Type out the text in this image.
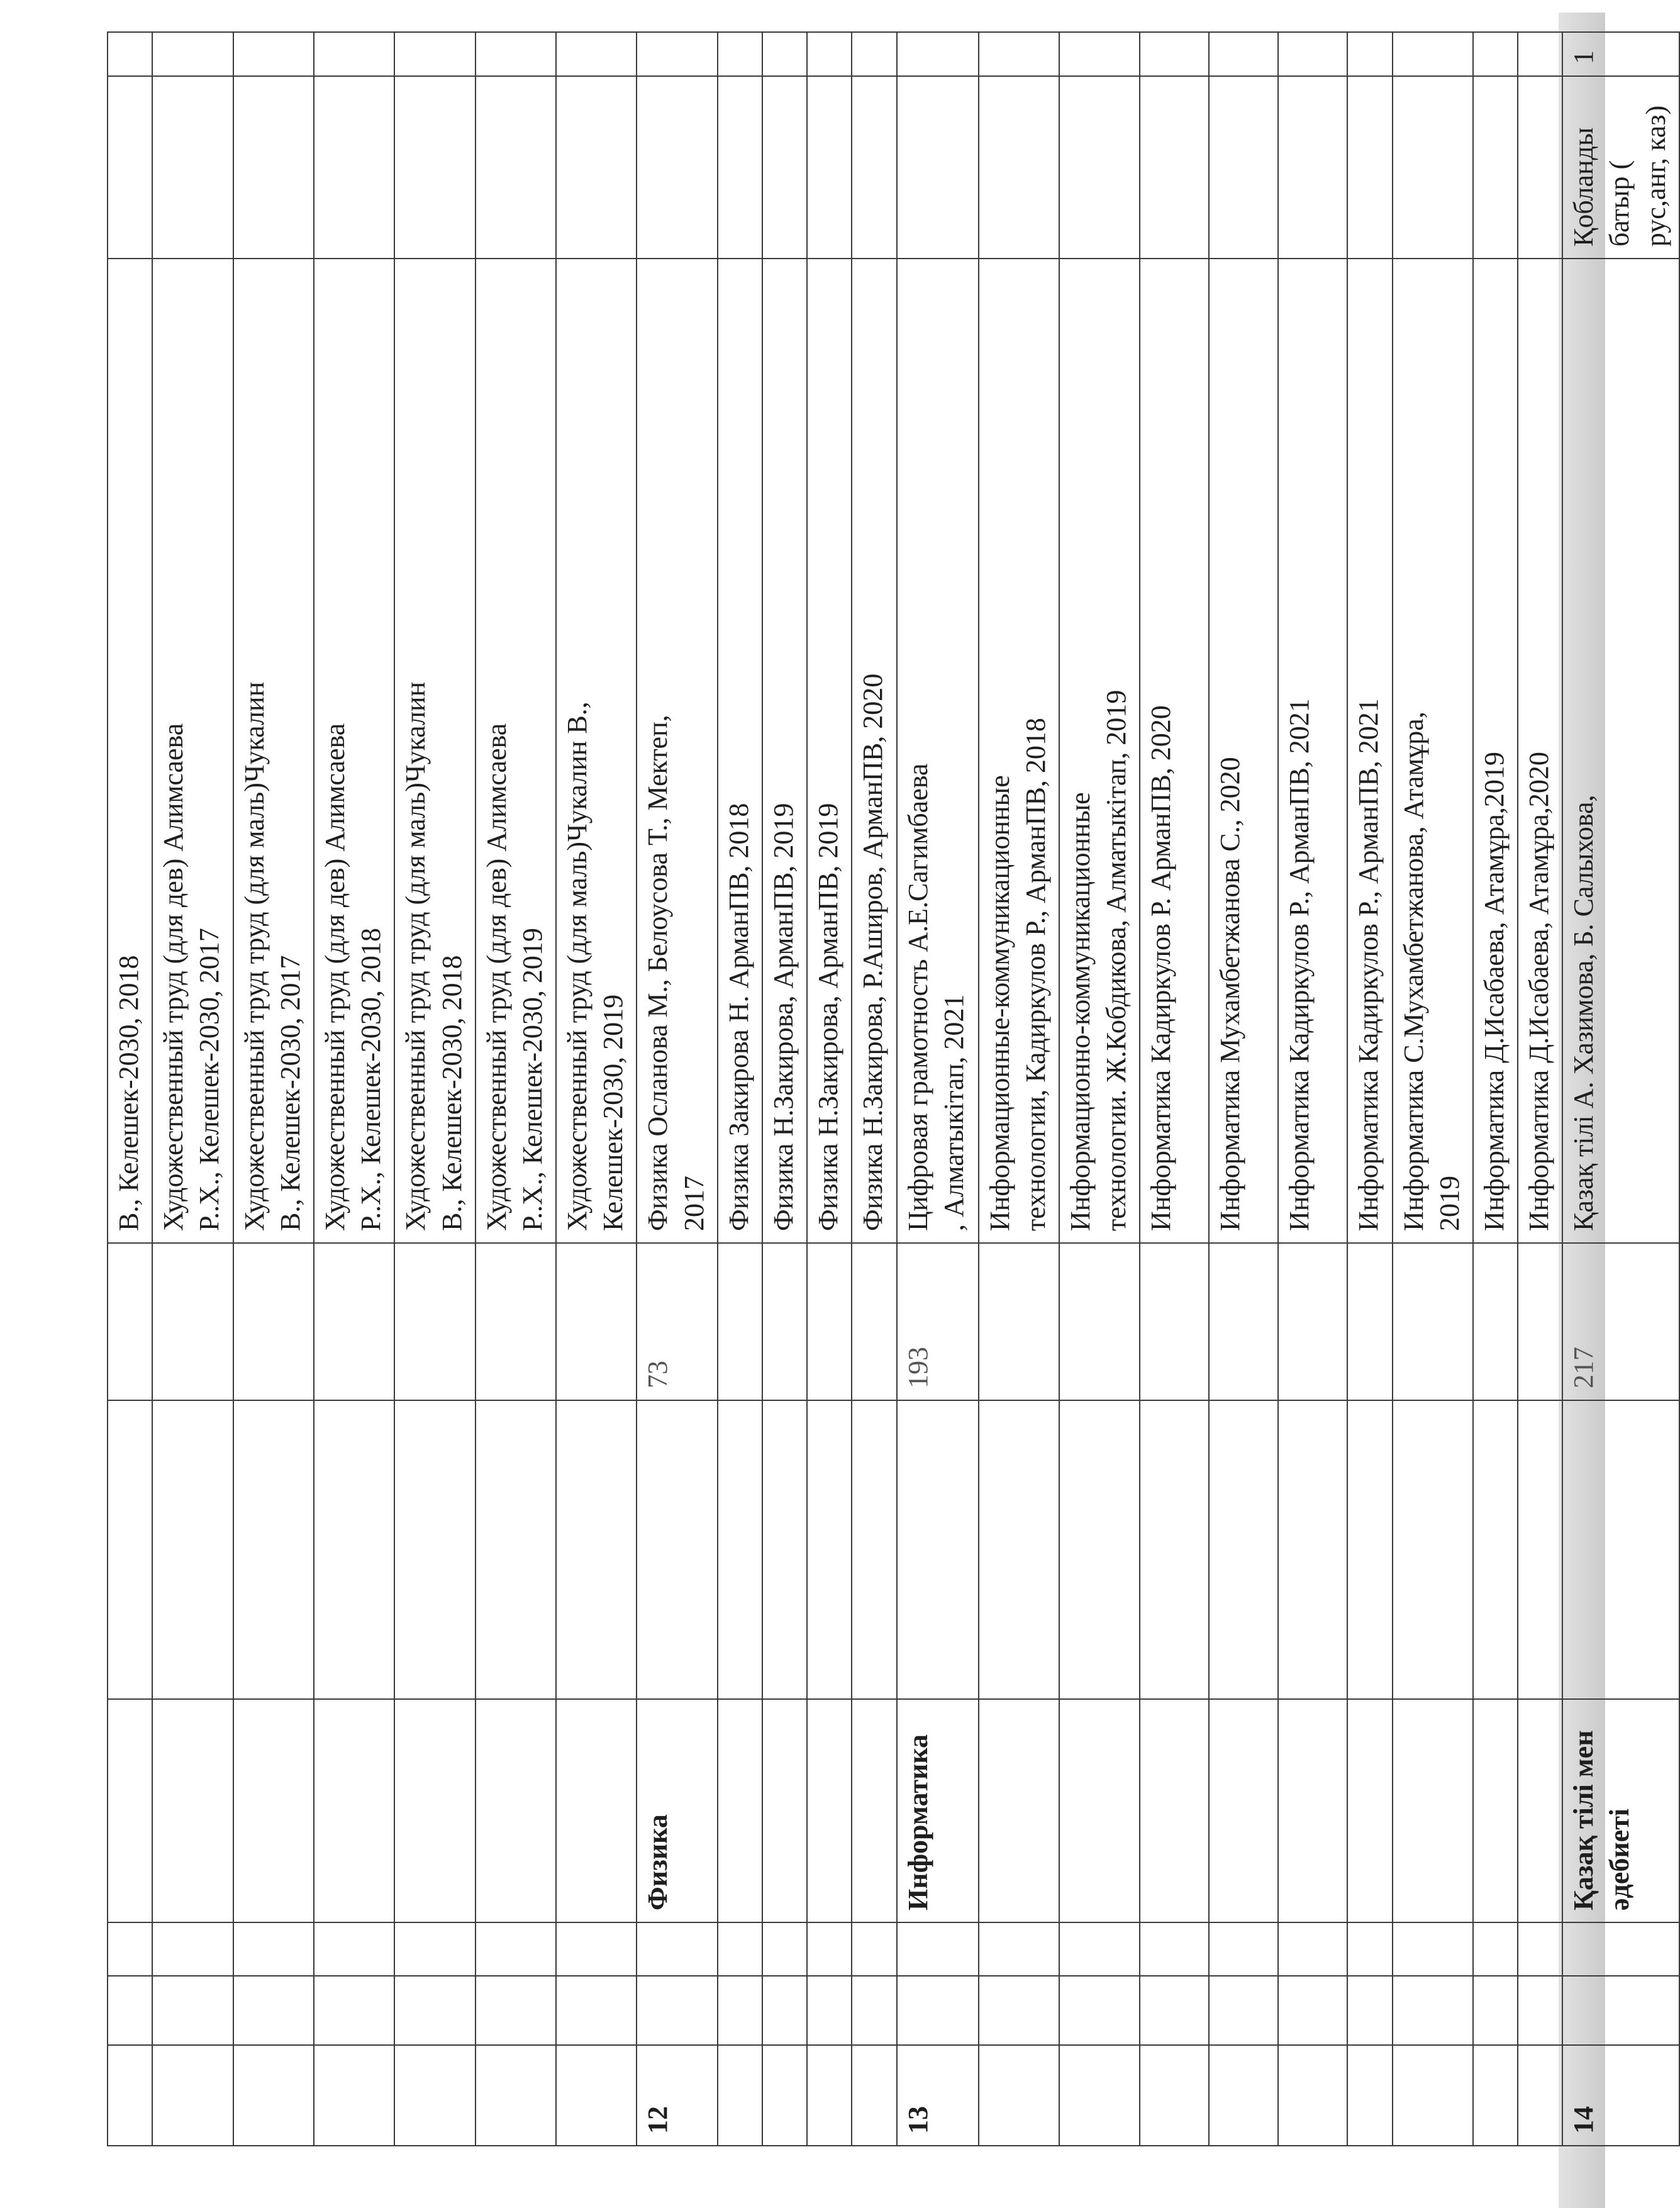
						В., Келешек-2030, 2018		
						Художественный труд (для дев) Алимсаева
Р..Х., Келешек-2030, 2017		
						Художественный труд труд (для маль)Чукалин
В., Келешек-2030, 2017		
						Художественный труд (для дев) Алимсаева
Р..Х., Келешек-2030, 2018		
						Художественный труд труд (для маль)Чукалин
В., Келешек-2030, 2018		
						Художественный труд (для дев) Алимсаева
Р..Х., Келешек-2030, 2019		
						Художественный труд (для маль)Чукалин В.,
Келешек-2030, 2019		
12			Физика		73	Физика Осланова М., Белоусова Т., Мектеп,
2017		
						Физика Закирова Н. АрманПВ, 2018		
						Физика Н.Закирова, АрманПВ, 2019		
						Физика Н.Закирова, АрманПВ, 2019		
						Физика Н.Закирова, Р.Аширов, АрманПВ, 2020		
13			Информатика		193	Цифровая грамотность А.Е.Сагимбаева
, Алматыкітап, 2021		
						Информационные-коммуникационные
технологии, Кадиркулов Р., АрманПВ, 2018		
						Информационно-коммуникационные
технологии. Ж.Кобдикова, Алматыкітап, 2019		
						Информатика Кадиркулов Р. АрманПВ, 2020		
						Информатика Мухамбетжанова С., 2020		
						Информатика Кадиркулов Р., АрманПВ, 2021		
						Информатика Кадиркулов Р., АрманПВ, 2021		
						Информатика С.Мухамбетжанова, Атамұра,
2019		
						Информатика Д.Исабаева, Атамұра,2019		
						Информатика Д.Исабаева, Атамұра,2020		
14			Қазақ тілі мен әдебиеті		217	Қазақ тілі А. Хазимова, Б. Салыхова,	Қобланды батыр ( рус,анг, каз)	1
